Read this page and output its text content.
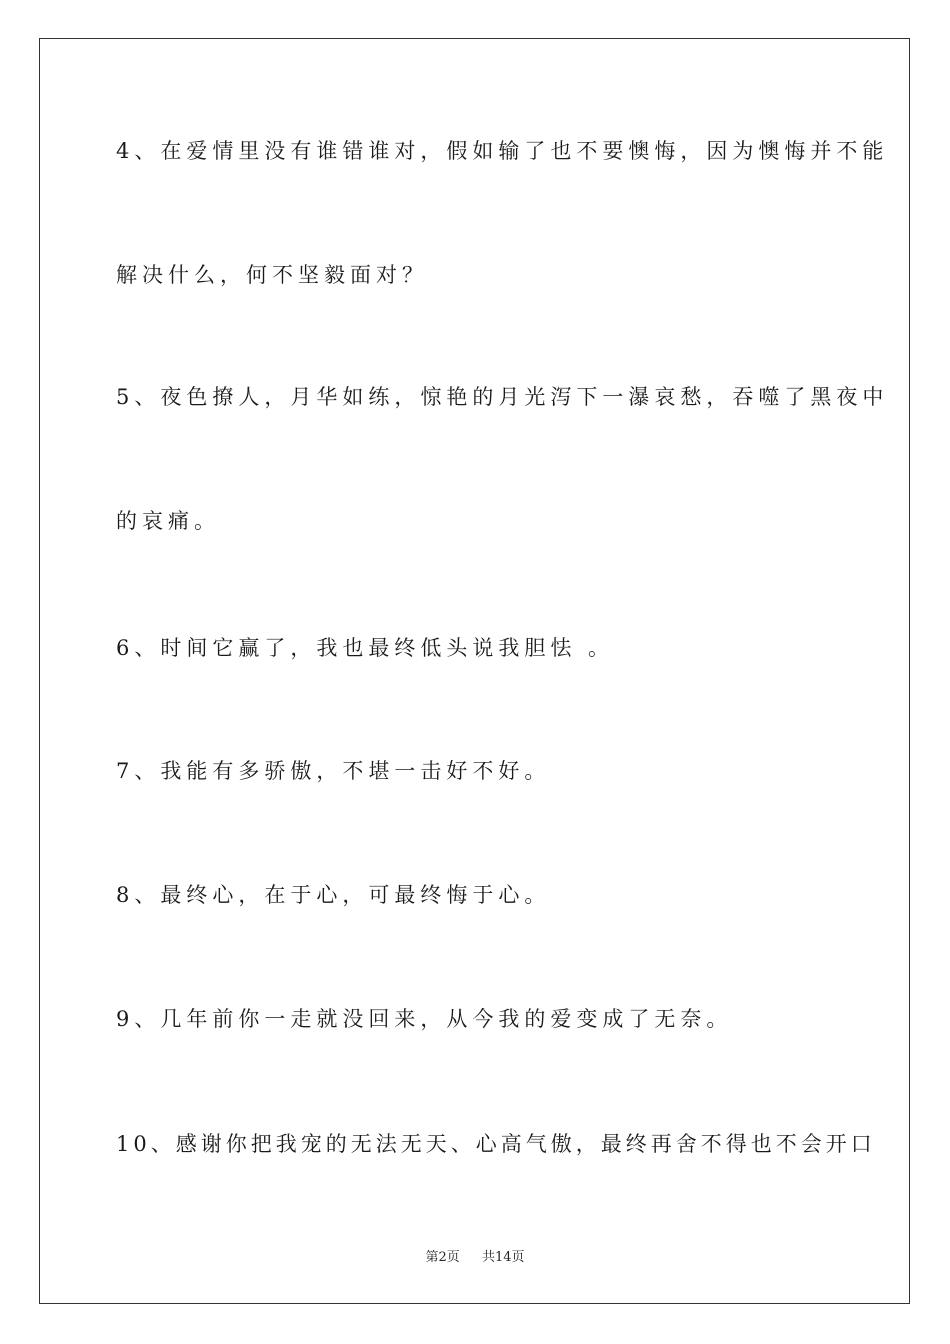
4、在爱情里没有谁错谁对，假如输了也不要懊悔，因为懊悔并不能
解决什么，何不坚毅面对？
5、夜色撩人，月华如练，惊艳的月光泻下一瀑哀愁，吞噬了黑夜中
的哀痛。
6、时间它赢了，我也最终低头说我胆怯 。
7、我能有多骄傲，不堪一击好不好。
8、最终心，在于心，可最终悔于心。
9、几年前你一走就没回来，从今我的爱变成了无奈。
10、感谢你把我宠的无法无天、心高气傲，最终再舍不得也不会开口
第2页 共14页
